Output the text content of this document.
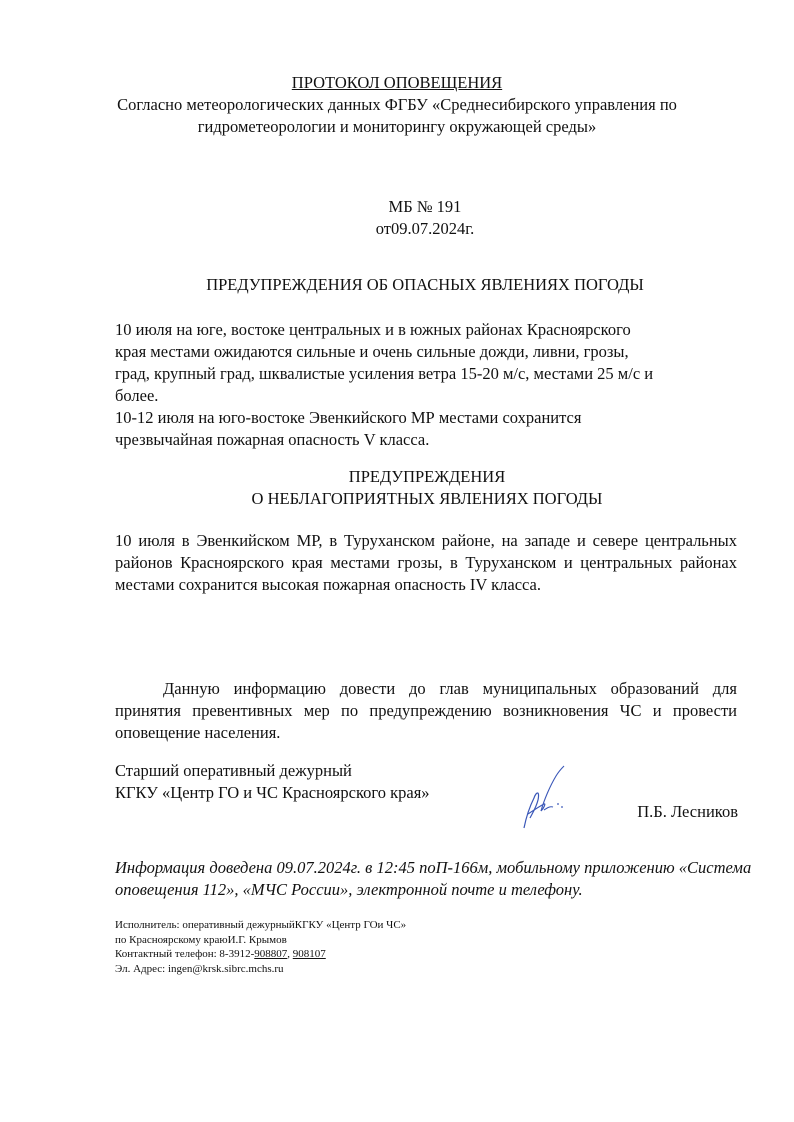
ПРОТОКОЛ ОПОВЕЩЕНИЯ
Согласно метеорологических данных ФГБУ «Среднесибирского управления по
гидрометеорологии и мониторингу окружающей среды»
МБ № 191
от09.07.2024г.
ПРЕДУПРЕЖДЕНИЯ ОБ ОПАСНЫХ ЯВЛЕНИЯХ ПОГОДЫ
10 июля на юге, востоке центральных и в южных районах Красноярского
края местами ожидаются сильные и очень сильные дожди, ливни, грозы,
град, крупный град, шквалистые усиления ветра 15-20 м/с, местами 25 м/с и
более.
10-12 июля на юго-востоке Эвенкийского МР местами сохранится
чрезвычайная пожарная опасность V класса.
ПРЕДУПРЕЖДЕНИЯ
О НЕБЛАГОПРИЯТНЫХ ЯВЛЕНИЯХ ПОГОДЫ
10 июля в Эвенкийском МР, в Туруханском районе, на западе и севере центральных районов Красноярского края местами грозы, в Туруханском и центральных районах местами сохранится высокая пожарная опасность IV класса.
Данную информацию довести до глав муниципальных образований для принятия превентивных мер по предупреждению возникновения ЧС и провести оповещение населения.
Старший оперативный дежурный
КГКУ «Центр ГО и ЧС Красноярского края»
П.Б. Лесников
Информация доведена 09.07.2024г. в 12:45 поП-166м, мобильному приложению «Система
оповещения 112», «МЧС России», электронной почте и телефону.
Исполнитель: оперативный дежурныйКГКУ «Центр ГОи ЧС»
по Красноярскому краюИ.Г. Крымов
Контактный телефон: 8-3912-908807, 908107
Эл. Адрес: ingen@krsk.sibrc.mchs.ru
